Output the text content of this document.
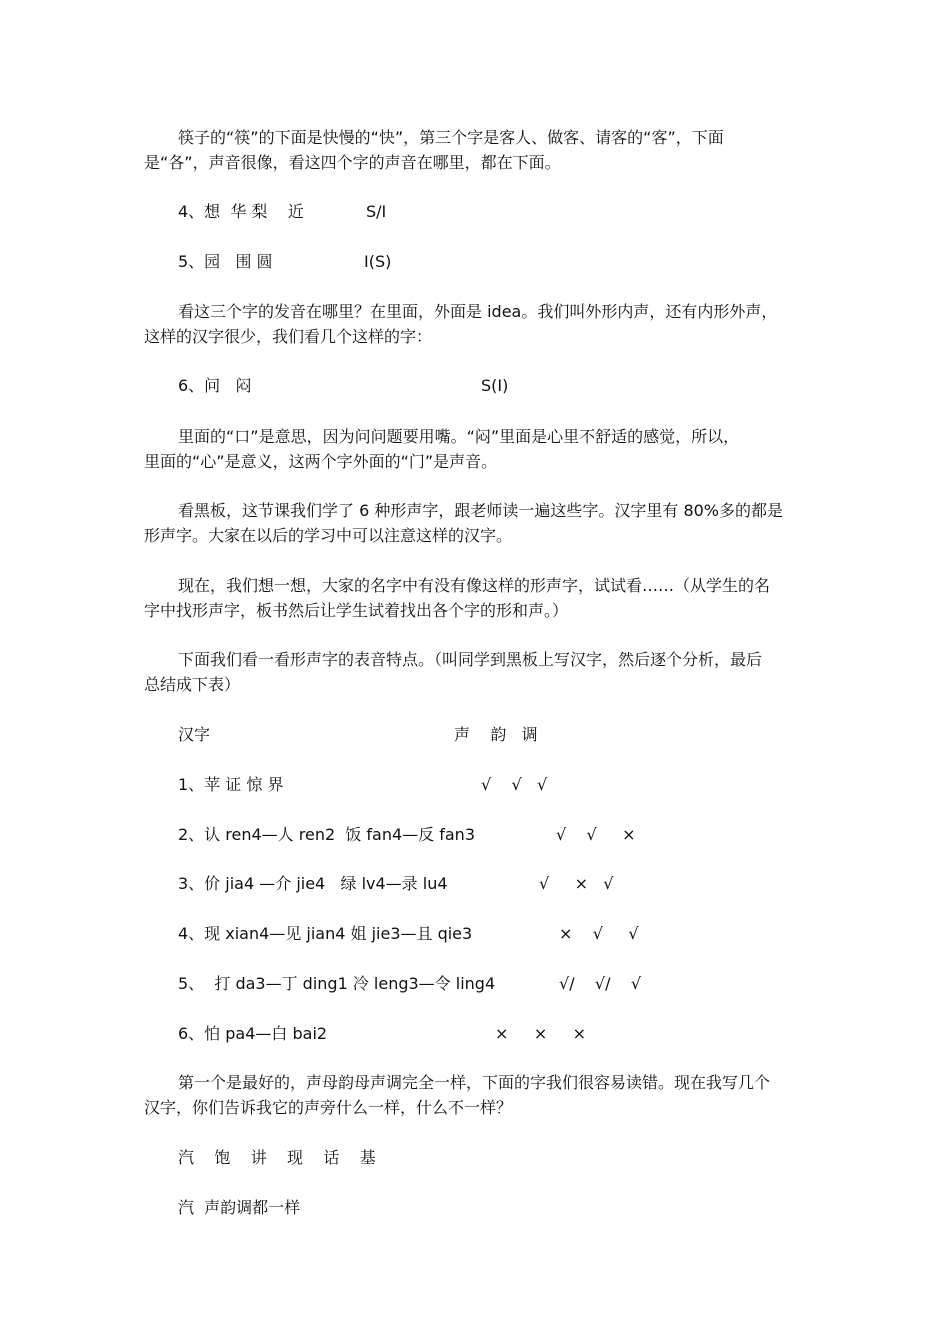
筷子的“筷”的下面是快慢的“快”，第三个字是客人、做客、请客的“客”，下面
是“各”，声音很像，看这四个字的声音在哪里，都在下面。
4、想  华 梨    近	S/I
5、园   围 圆	I(S)
看这三个字的发音在哪里？在里面，外面是 idea。我们叫外形内声，还有内形外声，
这样的汉字很少，我们看几个这样的字：
6、问   闷	S(I)
里面的“口”是意思，因为问问题要用嘴。“闷”里面是心里不舒适的感觉，所以，
里面的“心”是意义，这两个字外面的“门”是声音。
看黑板，这节课我们学了 6 种形声字，跟老师读一遍这些字。汉字里有 80%多的都是
形声字。大家在以后的学习中可以注意这样的汉字。
现在，我们想一想，大家的名字中有没有像这样的形声字，试试看……（从学生的名
字中找形声字，板书然后让学生试着找出各个字的形和声。）
下面我们看一看形声字的表音特点。（叫同学到黑板上写汉字，然后逐个分析，最后
总结成下表）
汉字	声    韵   调
1、苹 证 惊 界	√    √   √
2、认 ren4—人 ren2  饭 fan4—反 fan3	√    √     ×
3、价 jia4 —介 jie4   绿 lv4—录 lu4	√     ×   √
4、现 xian4—见 jian4 姐 jie3—且 qie3	×    √     √
5、  打 da3—丁 ding1 冷 leng3—令 ling4	√/    √/    √
6、怕 pa4—白 bai2	×     ×     ×
第一个是最好的，声母韵母声调完全一样，下面的字我们很容易读错。现在我写几个
汉字，你们告诉我它的声旁什么一样，什么不一样？
汽    饱    讲    现    话    基
汽  声韵调都一样
